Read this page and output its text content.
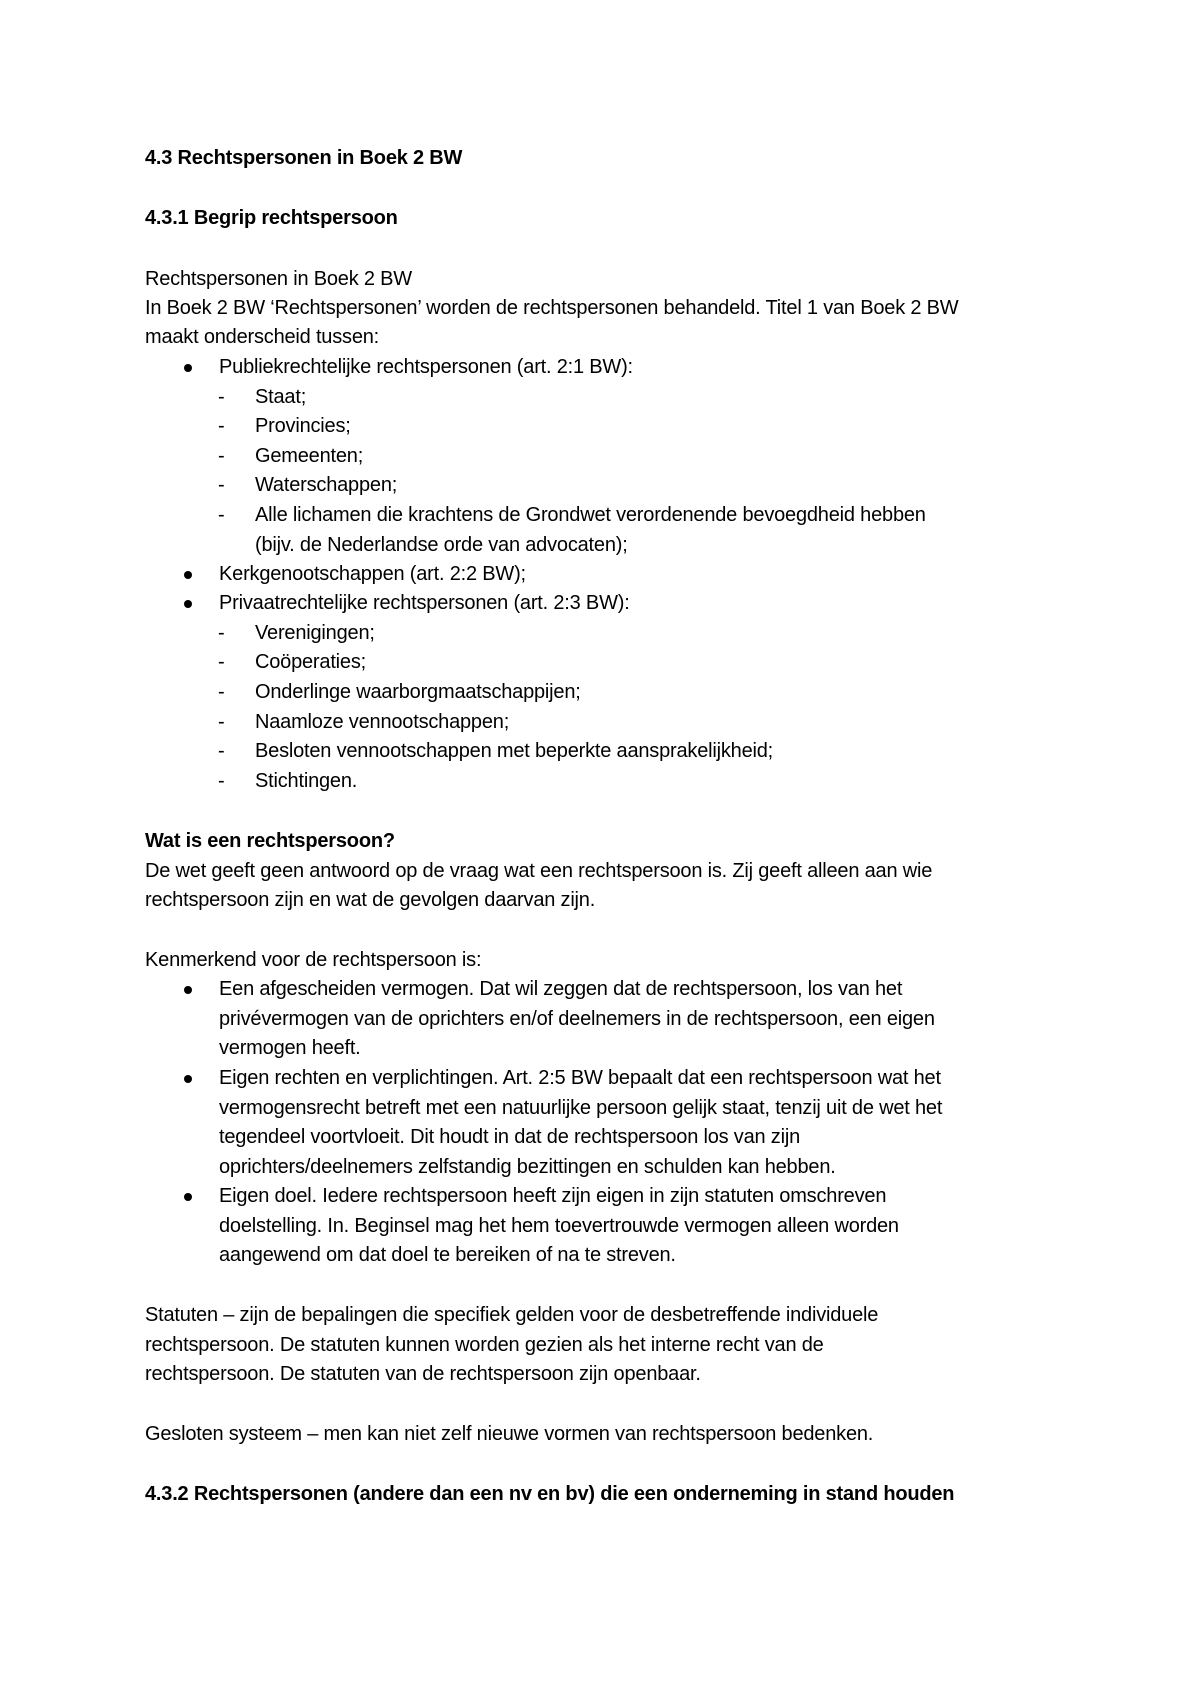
4.3 Rechtspersonen in Boek 2 BW
4.3.1 Begrip rechtspersoon
Rechtspersonen in Boek 2 BW
In Boek 2 BW ‘Rechtspersonen’ worden de rechtspersonen behandeld. Titel 1 van Boek 2 BW
maakt onderscheid tussen:
Publiekrechtelijke rechtspersonen (art. 2:1 BW):
- Staat;
- Provincies;
- Gemeenten;
- Waterschappen;
- Alle lichamen die krachtens de Grondwet verordenende bevoegdheid hebben
(bijv. de Nederlandse orde van advocaten);
Kerkgenootschappen (art. 2:2 BW);
Privaatrechtelijke rechtspersonen (art. 2:3 BW):
- Verenigingen;
- Coöperaties;
- Onderlinge waarborgmaatschappijen;
- Naamloze vennootschappen;
- Besloten vennootschappen met beperkte aansprakelijkheid;
- Stichtingen.
Wat is een rechtspersoon?
De wet geeft geen antwoord op de vraag wat een rechtspersoon is. Zij geeft alleen aan wie
rechtspersoon zijn en wat de gevolgen daarvan zijn.
Kenmerkend voor de rechtspersoon is:
Een afgescheiden vermogen. Dat wil zeggen dat de rechtspersoon, los van het
privévermogen van de oprichters en/of deelnemers in de rechtspersoon, een eigen
vermogen heeft.
Eigen rechten en verplichtingen. Art. 2:5 BW bepaalt dat een rechtspersoon wat het
vermogensrecht betreft met een natuurlijke persoon gelijk staat, tenzij uit de wet het
tegendeel voortvloeit. Dit houdt in dat de rechtspersoon los van zijn
oprichters/deelnemers zelfstandig bezittingen en schulden kan hebben.
Eigen doel. Iedere rechtspersoon heeft zijn eigen in zijn statuten omschreven
doelstelling. In. Beginsel mag het hem toevertrouwde vermogen alleen worden
aangewend om dat doel te bereiken of na te streven.
Statuten – zijn de bepalingen die specifiek gelden voor de desbetreffende individuele
rechtspersoon. De statuten kunnen worden gezien als het interne recht van de
rechtspersoon. De statuten van de rechtspersoon zijn openbaar.
Gesloten systeem – men kan niet zelf nieuwe vormen van rechtspersoon bedenken.
4.3.2 Rechtspersonen (andere dan een nv en bv) die een onderneming in stand houden
